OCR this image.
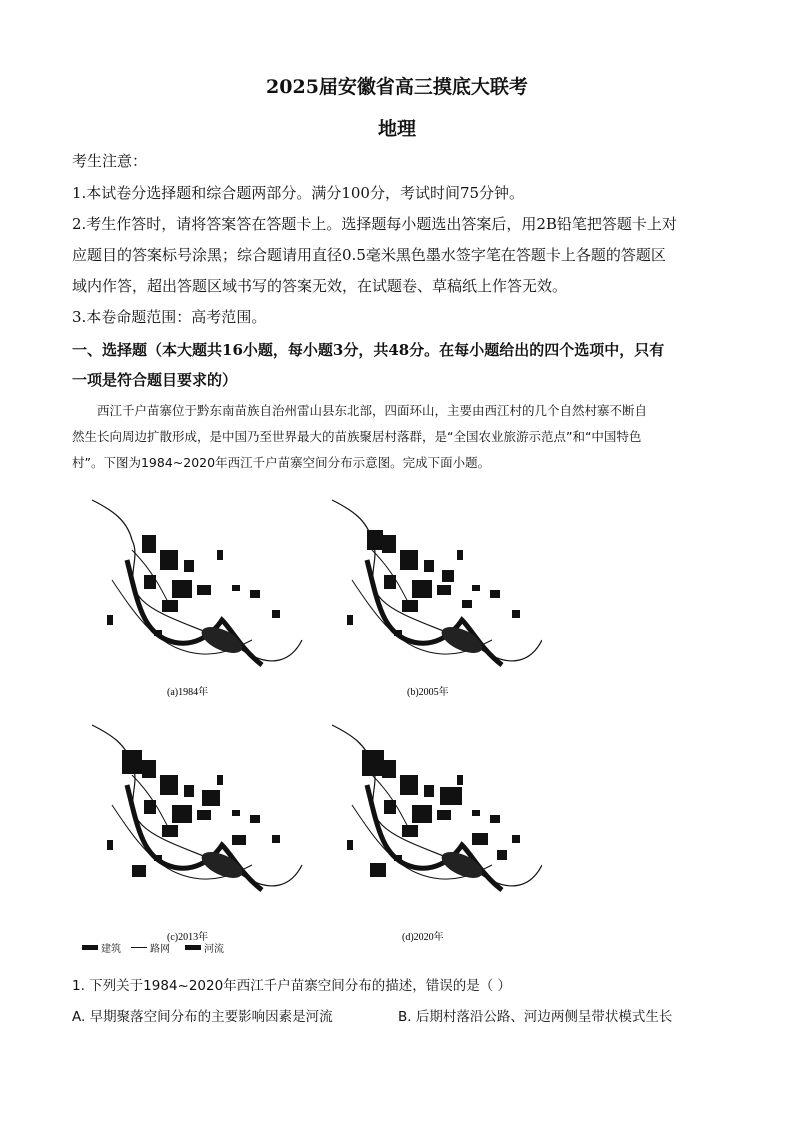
2025届安徽省高三摸底大联考
地理
考生注意：
1.本试卷分选择题和综合题两部分。满分100分，考试时间75分钟。
2.考生作答时，请将答案答在答题卡上。选择题每小题选出答案后，用2B铅笔把答题卡上对
应题目的答案标号涂黑；综合题请用直径0.5毫米黑色墨水签字笔在答题卡上各题的答题区
域内作答，超出答题区域书写的答案无效，在试题卷、草稿纸上作答无效。
3.本卷命题范围：高考范围。
一、选择题（本大题共16小题，每小题3分，共48分。在每小题给出的四个选项中，只有
一项是符合题目要求的）
西江千户苗寨位于黔东南苗族自治州雷山县东北部，四面环山，主要由西江村的几个自然村寨不断自
然生长向周边扩散形成，是中国乃至世界最大的苗族聚居村落群，是“全国农业旅游示范点”和“中国特色
村”。下图为1984~2020年西江千户苗寨空间分布示意图。完成下面小题。
(a)1984年	(b)2005年
(c)2013年	(d)2020年
建筑	路网	河流
1. 下列关于1984~2020年西江千户苗寨空间分布的描述，错误的是（ ）
A. 早期聚落空间分布的主要影响因素是河流	B. 后期村落沿公路、河边两侧呈带状模式生长
